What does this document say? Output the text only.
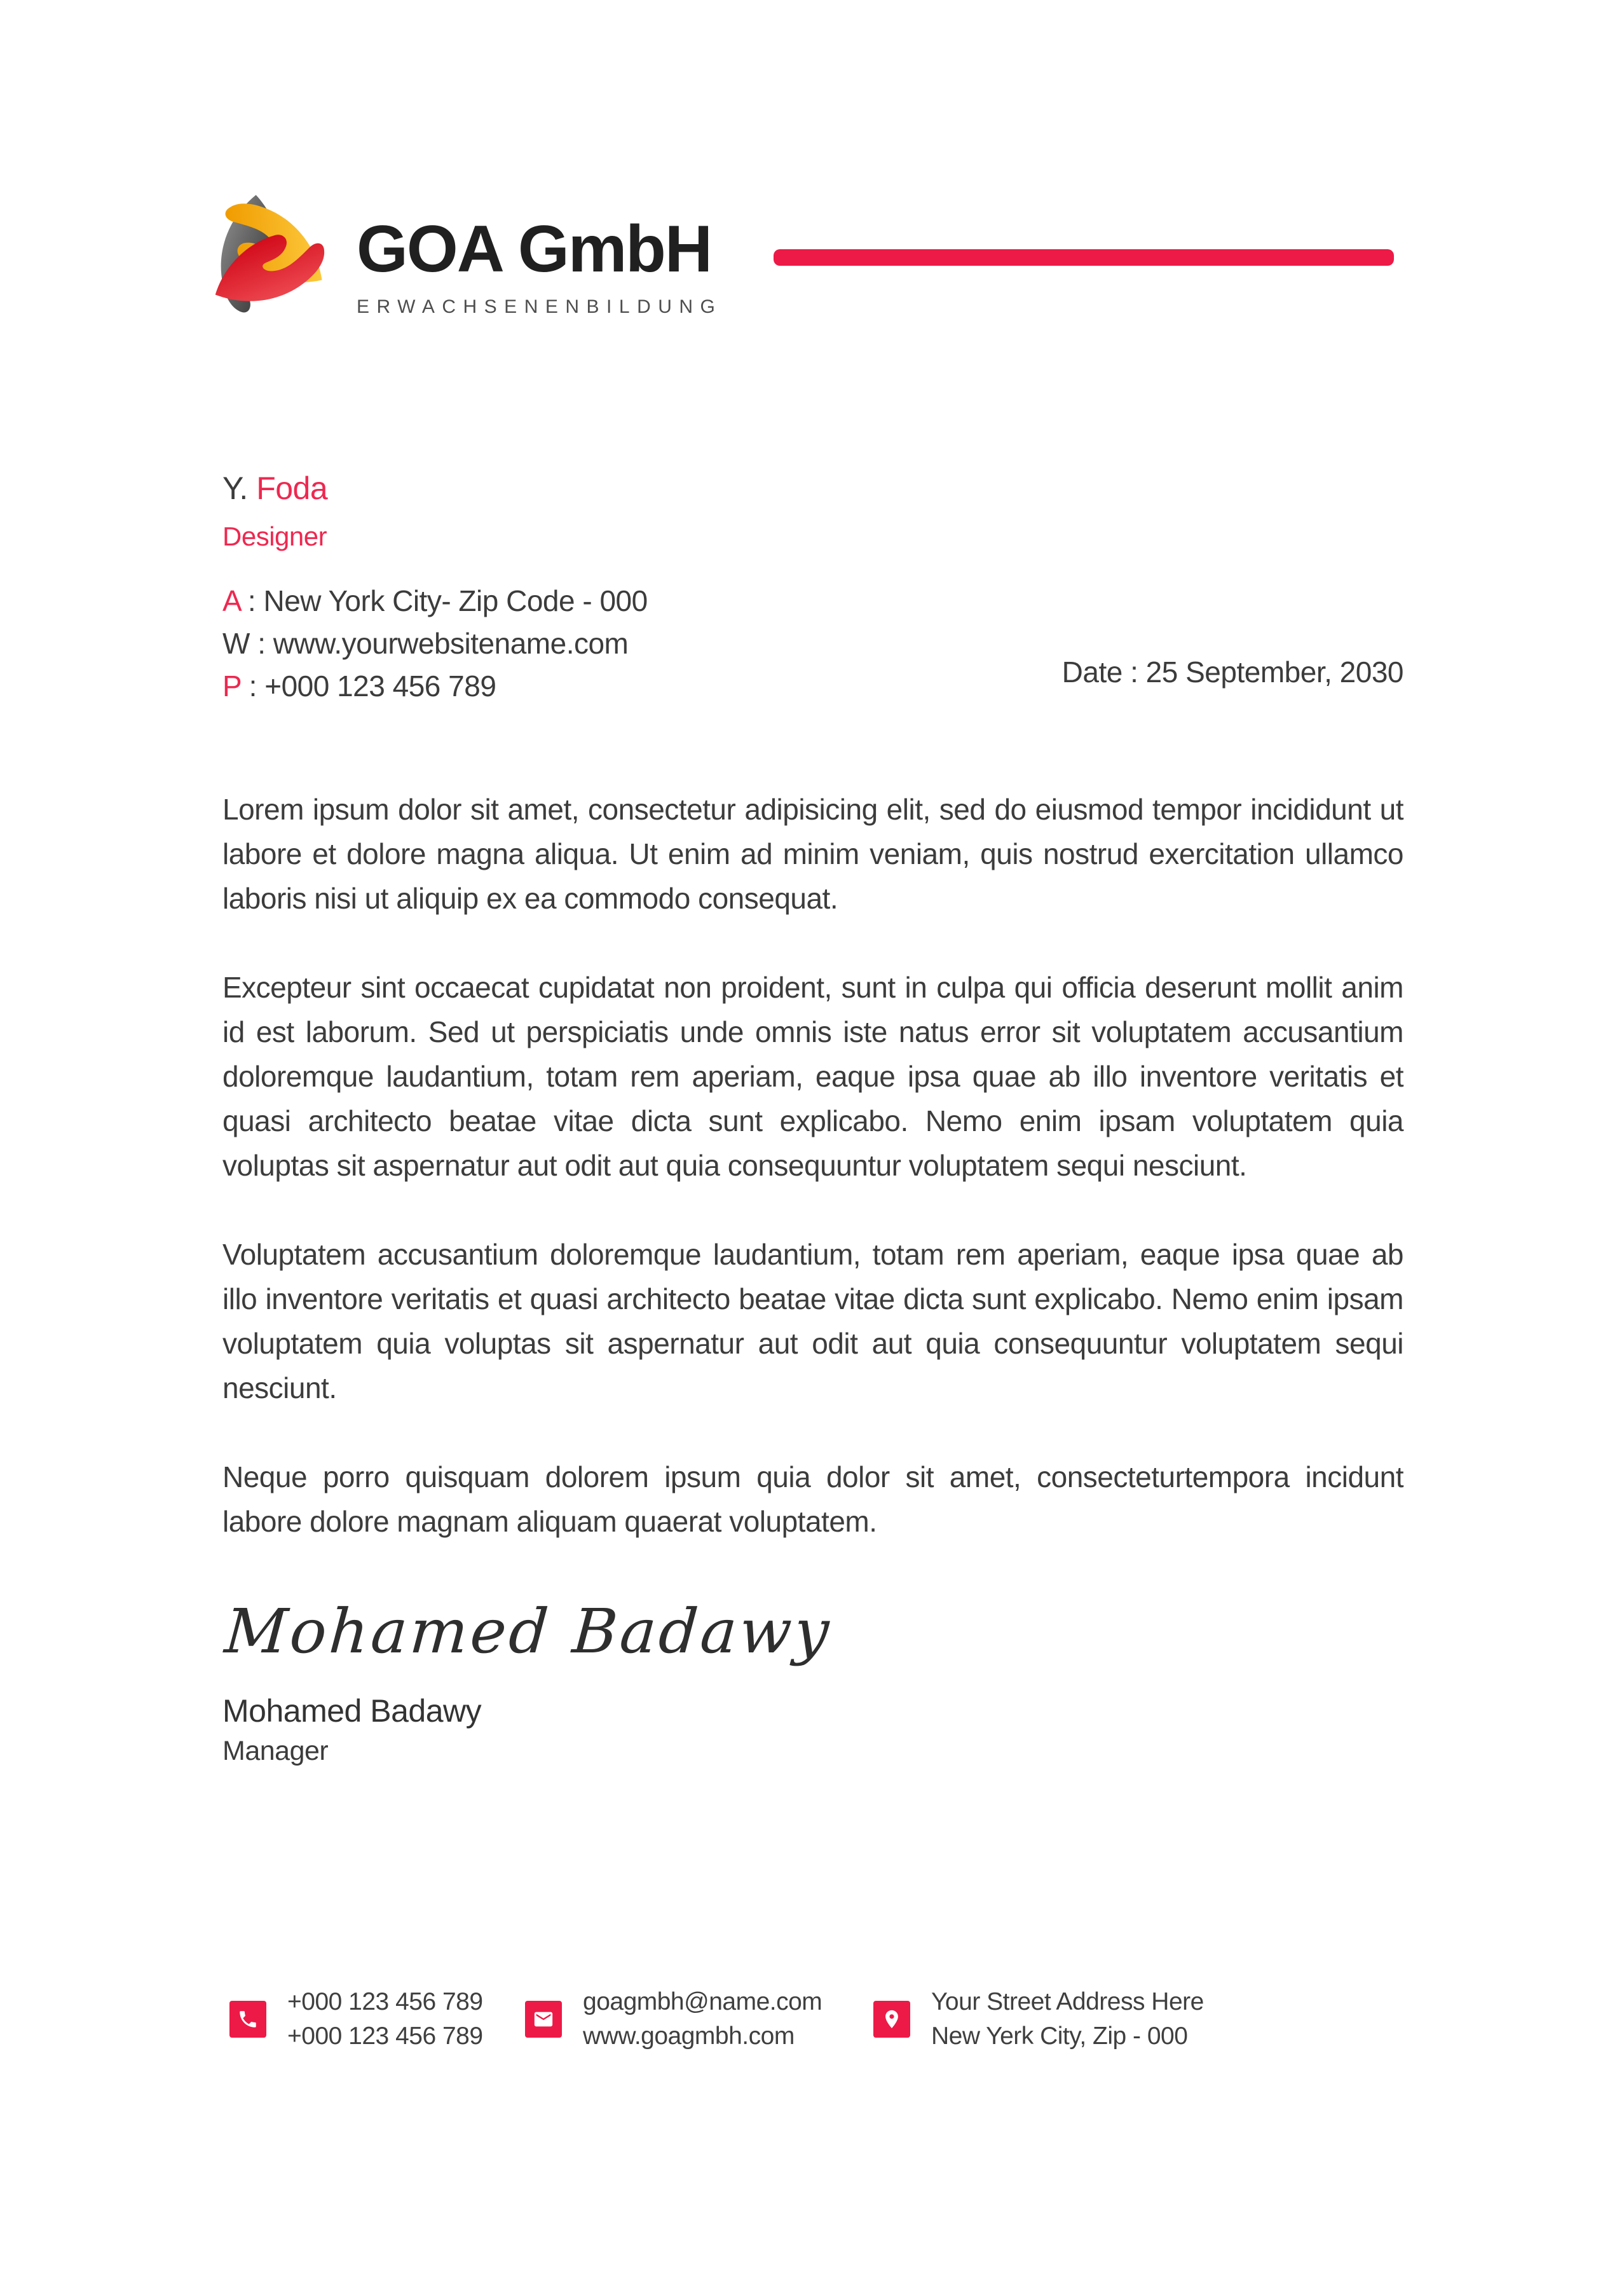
GOA GmbH
ERWACHSENENBILDUNG
Y. Foda
Designer
A : New York City- Zip Code - 000
W : www.yourwebsitename.com
P : +000 123 456 789	Date : 25 September, 2030

Lorem ipsum dolor sit amet, consectetur adipisicing elit, sed do eiusmod tempor incididunt ut labore et dolore magna aliqua. Ut enim ad minim veniam, quis nostrud exercitation ullamco laboris nisi ut aliquip ex ea commodo consequat.

Excepteur sint occaecat cupidatat non proident, sunt in culpa qui officia deserunt mollit anim id est laborum. Sed ut perspiciatis unde omnis iste natus error sit voluptatem accusantium doloremque laudantium, totam rem aperiam, eaque ipsa quae ab illo inventore veritatis et quasi architecto beatae vitae dicta sunt explicabo. Nemo enim ipsam voluptatem quia voluptas sit aspernatur aut odit aut quia consequuntur voluptatem sequi nesciunt.

Voluptatem accusantium doloremque laudantium, totam rem aperiam, eaque ipsa quae ab illo inventore veritatis et quasi architecto beatae vitae dicta sunt explicabo. Nemo enim ipsam voluptatem quia voluptas sit aspernatur aut odit aut quia consequuntur voluptatem sequi nesciunt.

Neque porro quisquam dolorem ipsum quia dolor sit amet, consecteturtempora incidunt labore dolore magnam aliquam quaerat voluptatem.

Mohamed Badawy
Mohamed Badawy
Manager
+000 123 456 789
+000 123 456 789
goagmbh@name.com
www.goagmbh.com
Your Street Address Here
New Yerk City, Zip - 000
